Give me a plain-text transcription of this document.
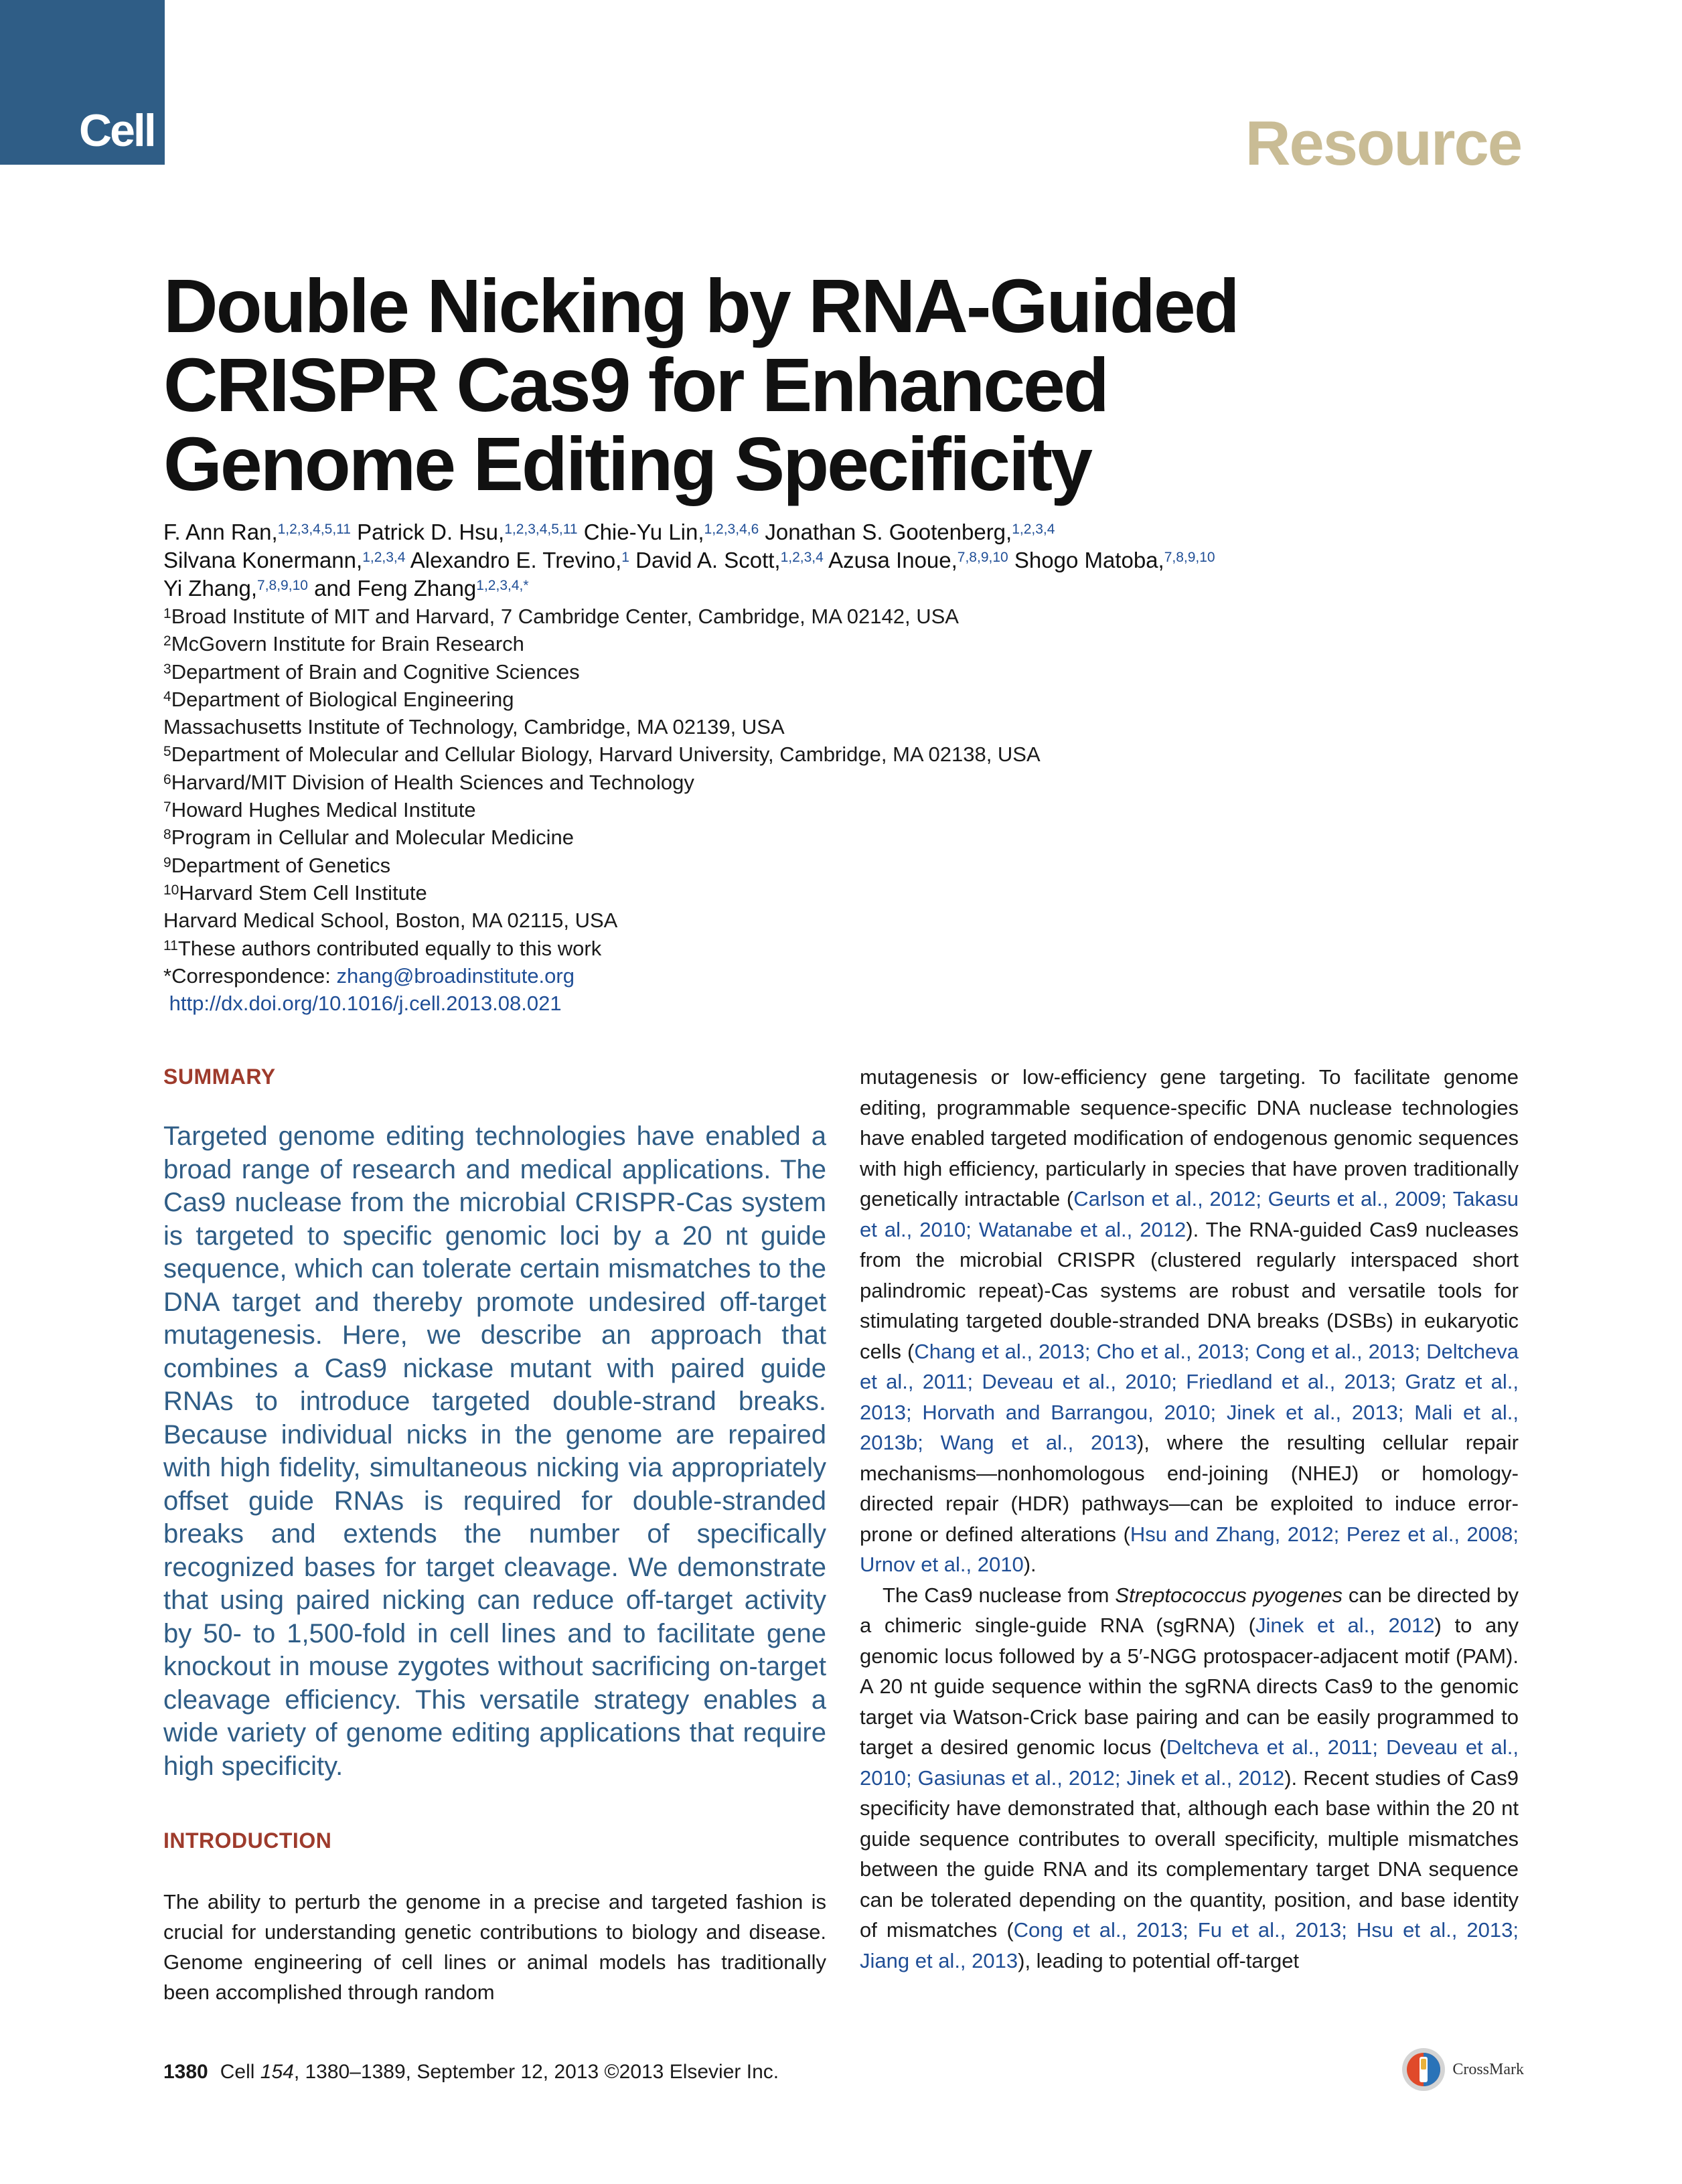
Cell	Resource
Double Nicking by RNA-Guided
CRISPR Cas9 for Enhanced
Genome Editing Specificity
F. Ann Ran,$^{1,2,3,4,5,11}$ Patrick D. Hsu,$^{1,2,3,4,5,11}$ Chie-Yu Lin,$^{1,2,3,4,6}$ Jonathan S. Gootenberg,$^{1,2,3,4}$
Silvana Konermann,$^{1,2,3,4}$ Alexandro E. Trevino,$^1$ David A. Scott,$^{1,2,3,4}$ Azusa Inoue,$^{7,8,9,10}$ Shogo Matoba,$^{7,8,9,10}$
Yi Zhang,$^{7,8,9,10}$ and Feng Zhang$^{1,2,3,4,*}$
$^1$Broad Institute of MIT and Harvard, 7 Cambridge Center, Cambridge, MA 02142, USA
$^2$McGovern Institute for Brain Research
$^3$Department of Brain and Cognitive Sciences
$^4$Department of Biological Engineering
Massachusetts Institute of Technology, Cambridge, MA 02139, USA
$^5$Department of Molecular and Cellular Biology, Harvard University, Cambridge, MA 02138, USA
$^6$Harvard/MIT Division of Health Sciences and Technology
$^7$Howard Hughes Medical Institute
$^8$Program in Cellular and Molecular Medicine
$^9$Department of Genetics
$^{10}$Harvard Stem Cell Institute
Harvard Medical School, Boston, MA 02115, USA
$^{11}$These authors contributed equally to this work
*Correspondence: zhang@broadinstitute.org
http://dx.doi.org/10.1016/j.cell.2013.08.021
SUMMARY
Targeted genome editing technologies have enabled a broad range of research and medical applications. The Cas9 nuclease from the microbial CRISPR-Cas system is targeted to specific genomic loci by a 20 nt guide sequence, which can tolerate certain mismatches to the DNA target and thereby promote undesired off-target mutagenesis. Here, we describe an approach that combines a Cas9 nickase mutant with paired guide RNAs to introduce targeted double-strand breaks. Because individual nicks in the genome are repaired with high fidelity, simultaneous nicking via appropriately offset guide RNAs is required for double-stranded breaks and extends the number of specifically recognized bases for target cleavage. We demonstrate that using paired nicking can reduce off-target activity by 50- to 1,500-fold in cell lines and to facilitate gene knockout in mouse zygotes without sacrificing on-target cleavage efficiency. This versatile strategy enables a wide variety of genome editing applications that require high specificity.
INTRODUCTION
The ability to perturb the genome in a precise and targeted fashion is crucial for understanding genetic contributions to biology and disease. Genome engineering of cell lines or animal models has traditionally been accomplished through random
mutagenesis or low-efficiency gene targeting. To facilitate genome editing, programmable sequence-specific DNA nuclease technologies have enabled targeted modification of endogenous genomic sequences with high efficiency, particularly in species that have proven traditionally genetically intractable (Carlson et al., 2012; Geurts et al., 2009; Takasu et al., 2010; Watanabe et al., 2012). The RNA-guided Cas9 nucleases from the microbial CRISPR (clustered regularly interspaced short palindromic repeat)-Cas systems are robust and versatile tools for stimulating targeted double-stranded DNA breaks (DSBs) in eukaryotic cells (Chang et al., 2013; Cho et al., 2013; Cong et al., 2013; Deltcheva et al., 2011; Deveau et al., 2010; Friedland et al., 2013; Gratz et al., 2013; Horvath and Barrangou, 2010; Jinek et al., 2013; Mali et al., 2013b; Wang et al., 2013), where the resulting cellular repair mechanisms—nonhomologous end-joining (NHEJ) or homology-directed repair (HDR) pathways—can be exploited to induce error-prone or defined alterations (Hsu and Zhang, 2012; Perez et al., 2008; Urnov et al., 2010).
The Cas9 nuclease from Streptococcus pyogenes can be directed by a chimeric single-guide RNA (sgRNA) (Jinek et al., 2012) to any genomic locus followed by a 5′-NGG protospacer-adjacent motif (PAM). A 20 nt guide sequence within the sgRNA directs Cas9 to the genomic target via Watson-Crick base pairing and can be easily programmed to target a desired genomic locus (Deltcheva et al., 2011; Deveau et al., 2010; Gasiunas et al., 2012; Jinek et al., 2012). Recent studies of Cas9 specificity have demonstrated that, although each base within the 20 nt guide sequence contributes to overall specificity, multiple mismatches between the guide RNA and its complementary target DNA sequence can be tolerated depending on the quantity, position, and base identity of mismatches (Cong et al., 2013; Fu et al., 2013; Hsu et al., 2013; Jiang et al., 2013), leading to potential off-target
1380 Cell 154, 1380–1389, September 12, 2013 ©2013 Elsevier Inc.	CrossMark
